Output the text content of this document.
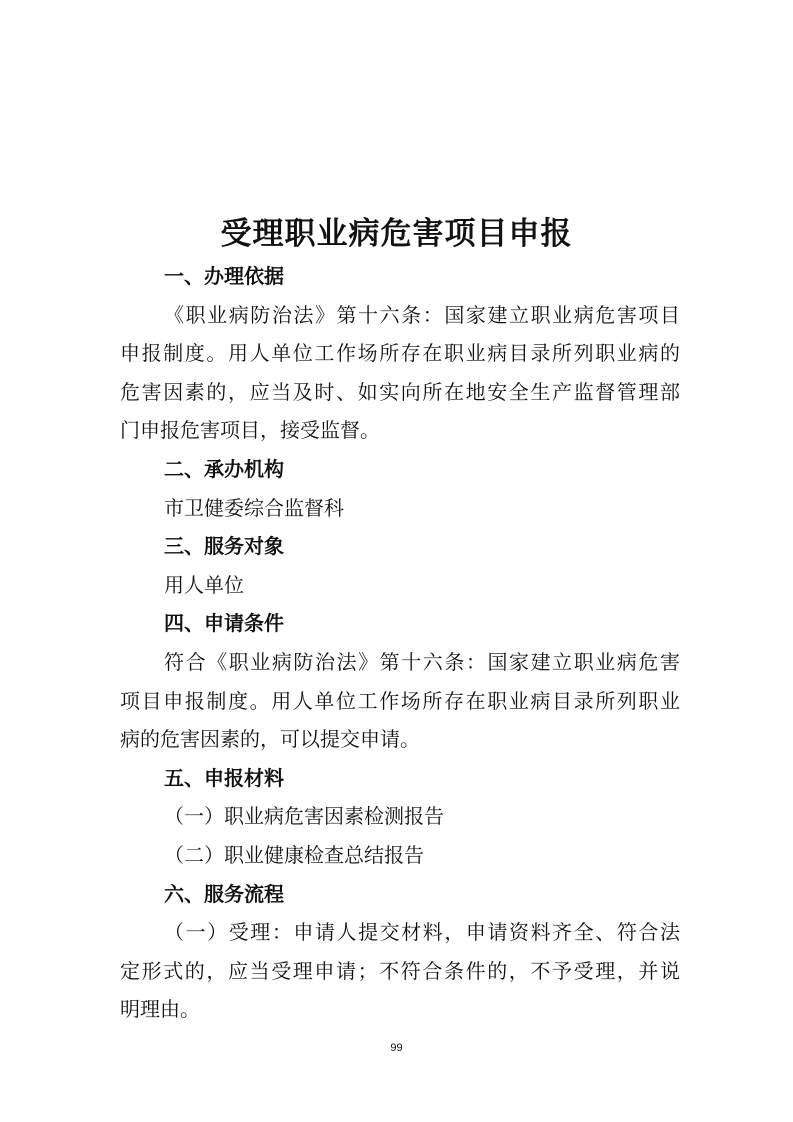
受理职业病危害项目申报
一、办理依据
《职业病防治法》第十六条：国家建立职业病危害项目
申报制度。用人单位工作场所存在职业病目录所列职业病的
危害因素的，应当及时、如实向所在地安全生产监督管理部
门申报危害项目，接受监督。
二、承办机构
市卫健委综合监督科
三、服务对象
用人单位
四、申请条件
符合《职业病防治法》第十六条：国家建立职业病危害
项目申报制度。用人单位工作场所存在职业病目录所列职业
病的危害因素的，可以提交申请。
五、申报材料
（一）职业病危害因素检测报告
（二）职业健康检查总结报告
六、服务流程
（一）受理：申请人提交材料，申请资料齐全、符合法
定形式的，应当受理申请；不符合条件的，不予受理，并说
明理由。
99
